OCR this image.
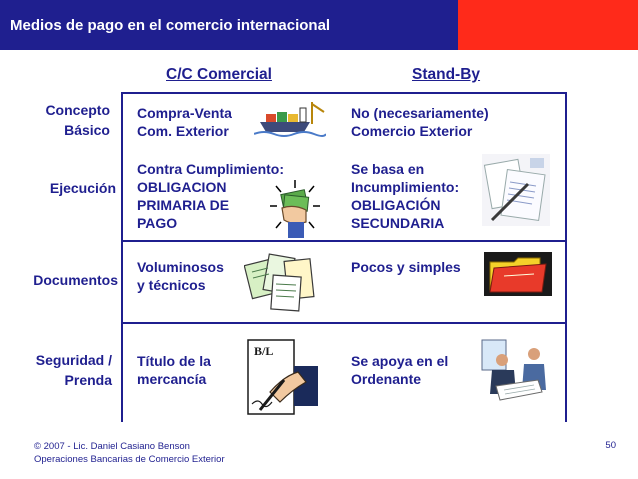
Medios de pago en el comercio internacional
C/C Comercial	Stand-By
Concepto
Básico
Ejecución
Documentos
Seguridad /
Prenda
Compra-Venta
Com. Exterior
No (necesariamente)
Comercio Exterior
Contra Cumplimiento:
OBLIGACION
PRIMARIA DE
PAGO
Se basa en
Incumplimiento:
OBLIGACIÓN
SECUNDARIA
Voluminosos
y técnicos
Pocos y simples
Título de la
mercancía
B/L
Se apoya en el
Ordenante
© 2007 - Lic. Daniel Casiano Benson
Operaciones Bancarias de Comercio Exterior
50
